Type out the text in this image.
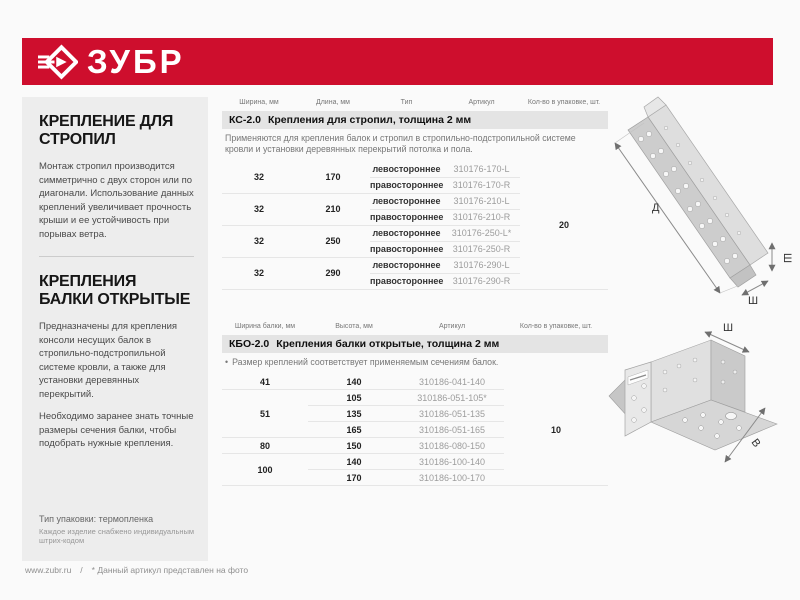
ЗУБР
КРЕПЛЕНИЕ ДЛЯ СТРОПИЛ

Монтаж стропил производится симметрично с двух сторон или по диагонали. Использование данных креплений увеличивает прочность крыши и ее устойчивость при порывах ветра.

КРЕПЛЕНИЯ БАЛКИ ОТКРЫТЫЕ

Предназначены для крепления консоли несущих балок в стропильно-подстропильной системе кровли, а также для установки деревянных перекрытий.

Необходимо заранее знать точные размеры сечения балки, чтобы подобрать нужные крепления.

Тип упаковки: термопленка
Каждое изделие снабжено индивидуальным штрих-кодом
www.zubr.ru / * Данный артикул представлен на фото
Ширина, мм	Длина, мм	Тип	Артикул	Кол-во в упаковке, шт.
КС-2.0 Крепления для стропил, толщина 2 мм				
Применяются для крепления балок и стропил в стропильно-подстропильной системе кровли и установки деревянных перекрытий потолка и пола.				
32	170	левостороннее	310176-170-L	20
		правостороннее	310176-170-R	
32	210	левостороннее	310176-210-L	
		правостороннее	310176-210-R	
32	250	левостороннее	310176-250-L*	
		правостороннее	310176-250-R	
32	290	левостороннее	310176-290-L	
		правостороннее	310176-290-R	
Ширина балки, мм	Высота, мм	Артикул	Кол-во в упаковке, шт.
КБО-2.0 Крепления балки открытые, толщина 2 мм			
• Размер креплений соответствует применяемым сечениям балок.			
41	140	310186-041-140	10
51	105	310186-051-105*	
	135	310186-051-135	
	165	310186-051-165	
80	150	310186-080-150	
100	140	310186-100-140	
	170	310186-100-170	
Д
Ш
Ш
Ш
В
